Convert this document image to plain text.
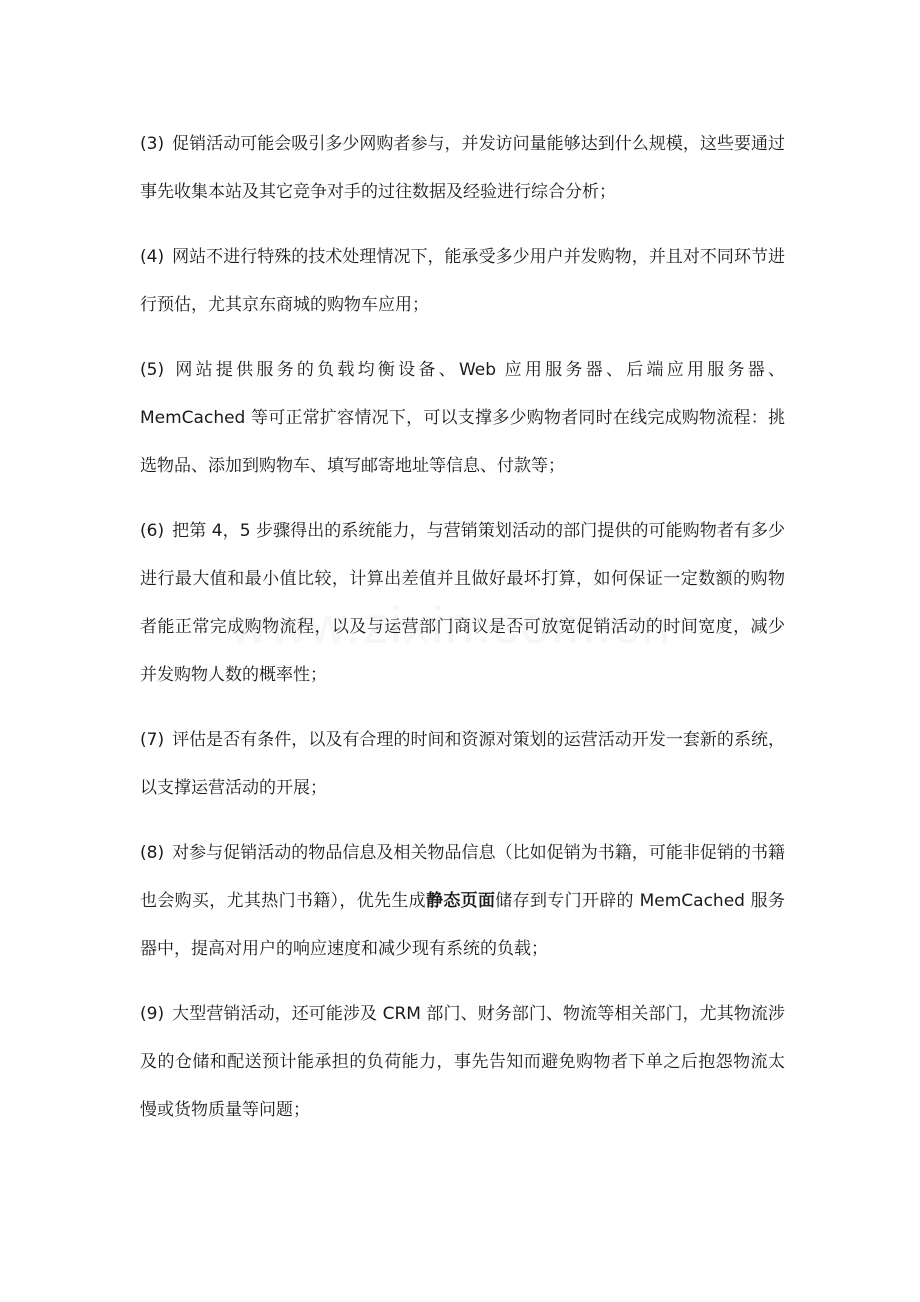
(3) 促销活动可能会吸引多少网购者参与，并发访问量能够达到什么规模，这些要通过事先收集本站及其它竞争对手的过往数据及经验进行综合分析；

(4) 网站不进行特殊的技术处理情况下，能承受多少用户并发购物，并且对不同环节进行预估，尤其京东商城的购物车应用；

(5) 网站提供服务的负载均衡设备、Web 应用服务器、后端应用服务器、MemCached 等可正常扩容情况下，可以支撑多少购物者同时在线完成购物流程：挑选物品、添加到购物车、填写邮寄地址等信息、付款等；

(6) 把第 4，5 步骤得出的系统能力，与营销策划活动的部门提供的可能购物者有多少进行最大值和最小值比较，计算出差值并且做好最坏打算，如何保证一定数额的购物者能正常完成购物流程，以及与运营部门商议是否可放宽促销活动的时间宽度，减少并发购物人数的概率性；

(7) 评估是否有条件，以及有合理的时间和资源对策划的运营活动开发一套新的系统，以支撑运营活动的开展；

(8) 对参与促销活动的物品信息及相关物品信息（比如促销为书籍，可能非促销的书籍也会购买，尤其热门书籍），优先生成静态页面储存到专门开辟的 MemCached 服务器中，提高对用户的响应速度和减少现有系统的负载；

(9) 大型营销活动，还可能涉及 CRM 部门、财务部门、物流等相关部门，尤其物流涉及的仓储和配送预计能承担的负荷能力，事先告知而避免购物者下单之后抱怨物流太慢或货物质量等问题；
